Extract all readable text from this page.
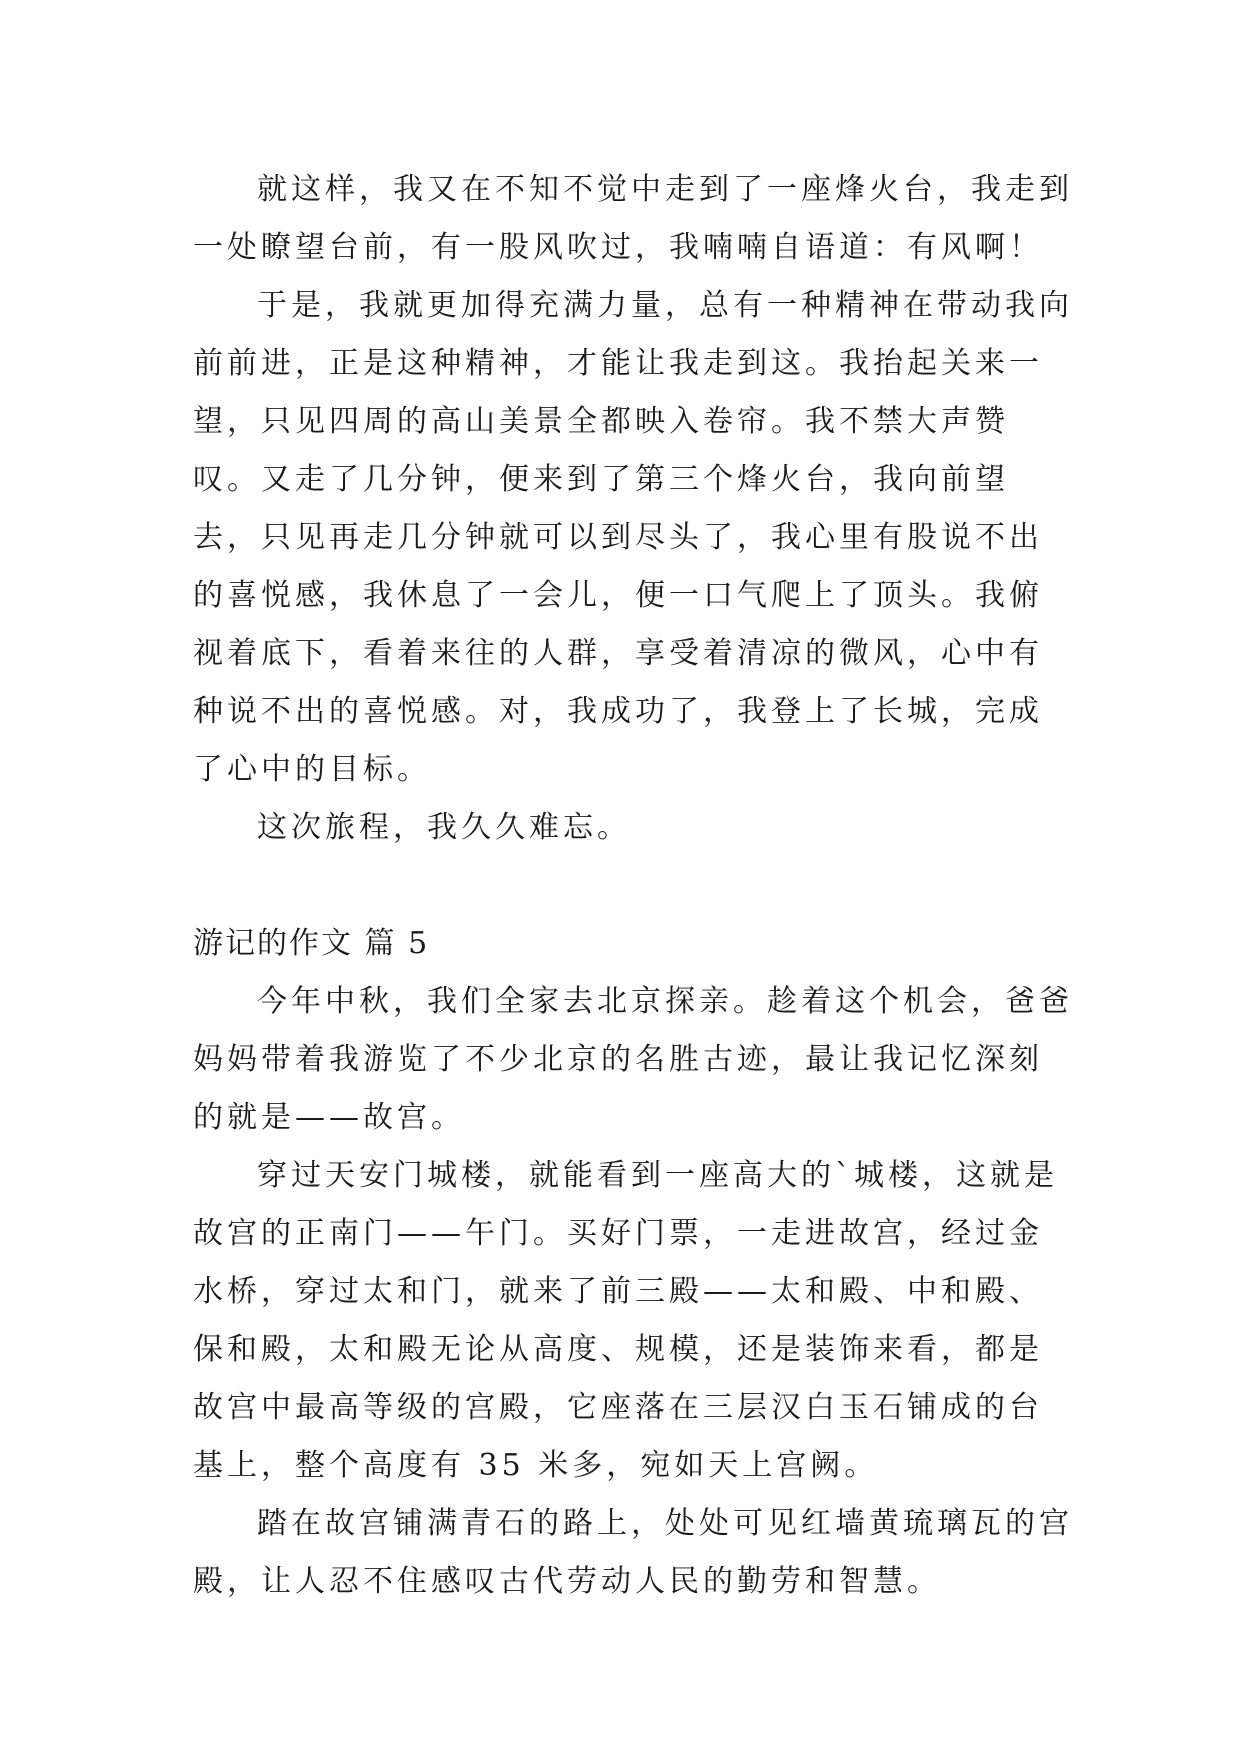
就这样，我又在不知不觉中走到了一座烽火台，我走到一处瞭望台前，有一股风吹过，我喃喃自语道：有风啊！

于是，我就更加得充满力量，总有一种精神在带动我向前前进，正是这种精神，才能让我走到这。我抬起关来一望，只见四周的高山美景全都映入卷帘。我不禁大声赞叹。又走了几分钟，便来到了第三个烽火台，我向前望去，只见再走几分钟就可以到尽头了，我心里有股说不出的喜悦感，我休息了一会儿，便一口气爬上了顶头。我俯视着底下，看着来往的人群，享受着清凉的微风，心中有种说不出的喜悦感。对，我成功了，我登上了长城，完成了心中的目标。

这次旅程，我久久难忘。

游记的作文 篇 5

今年中秋，我们全家去北京探亲。趁着这个机会，爸爸妈妈带着我游览了不少北京的名胜古迹，最让我记忆深刻的就是——故宫。

穿过天安门城楼，就能看到一座高大的`城楼，这就是故宫的正南门——午门。买好门票，一走进故宫，经过金水桥，穿过太和门，就来了前三殿——太和殿、中和殿、保和殿，太和殿无论从高度、规模，还是装饰来看，都是故宫中最高等级的宫殿，它座落在三层汉白玉石铺成的台基上，整个高度有 35 米多，宛如天上宫阙。

踏在故宫铺满青石的路上，处处可见红墙黄琉璃瓦的宫殿，让人忍不住感叹古代劳动人民的勤劳和智慧。
